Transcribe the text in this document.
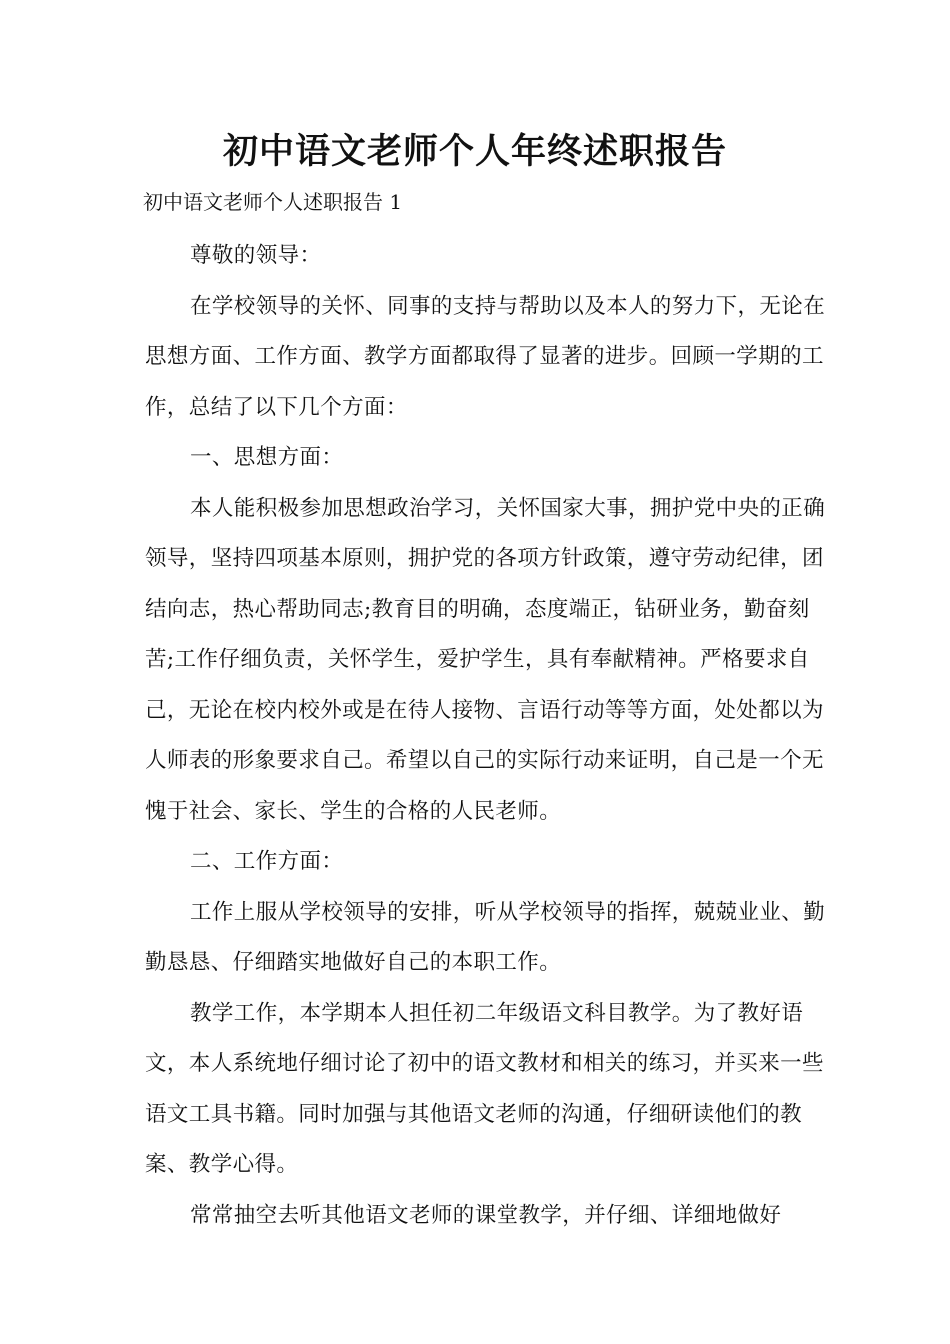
初中语文老师个人年终述职报告
初中语文老师个人述职报告 1

尊敬的领导：

在学校领导的关怀、同事的支持与帮助以及本人的努力下，无论在思想方面、工作方面、教学方面都取得了显著的进步。回顾一学期的工作，总结了以下几个方面：

一、思想方面：

本人能积极参加思想政治学习，关怀国家大事，拥护党中央的正确领导，坚持四项基本原则，拥护党的各项方针政策，遵守劳动纪律，团结向志，热心帮助同志;教育目的明确，态度端正，钻研业务，勤奋刻苦;工作仔细负责，关怀学生，爱护学生，具有奉献精神。严格要求自己，无论在校内校外或是在待人接物、言语行动等等方面，处处都以为人师表的形象要求自己。希望以自己的实际行动来证明，自己是一个无愧于社会、家长、学生的合格的人民老师。

二、工作方面：

工作上服从学校领导的安排，听从学校领导的指挥，兢兢业业、勤勤恳恳、仔细踏实地做好自己的本职工作。

教学工作，本学期本人担任初二年级语文科目教学。为了教好语文，本人系统地仔细讨论了初中的语文教材和相关的练习，并买来一些语文工具书籍。同时加强与其他语文老师的沟通，仔细研读他们的教案、教学心得。

常常抽空去听其他语文老师的课堂教学，并仔细、详细地做好
